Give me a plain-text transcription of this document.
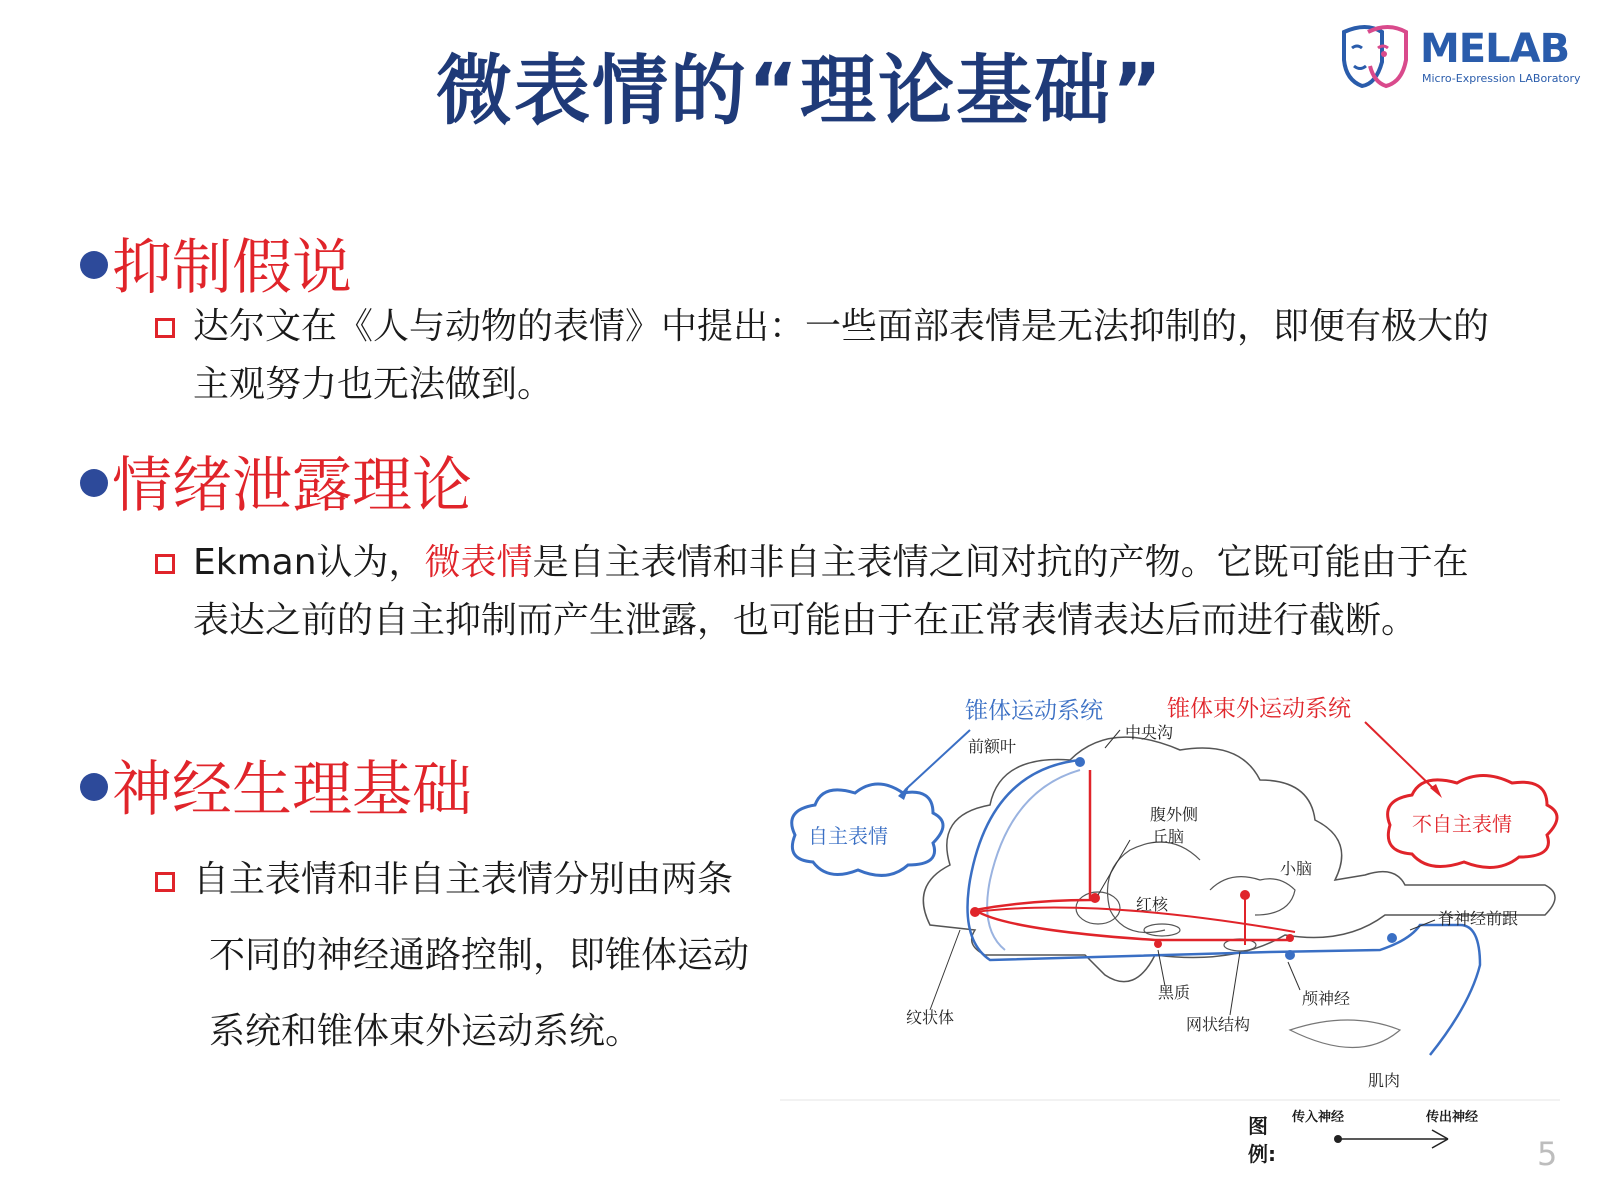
微表情的“理论基础”	MELAB
Micro-Expression LABoratory
抑制假说
达尔文在《人与动物的表情》中提出：一些面部表情是无法抑制的，即便有极大的主观努力也无法做到。
情绪泄露理论
Ekman认为，微表情是自主表情和非自主表情之间对抗的产物。它既可能由于在表达之前的自主抑制而产生泄露，也可能由于在正常表情表达后而进行截断。
神经生理基础
自主表情和非自主表情分别由两条
不同的神经通路控制，即锥体运动
系统和锥体束外运动系统。
自主表情	不自主表情
锥体运动系统	锥体束外运动系统
前额叶
中央沟
腹外侧
丘脑
小脑
红核
脊神经前跟
纹状体
黑质
网状结构
颅神经
肌肉
图
例:
传入神经	传出神经
5
